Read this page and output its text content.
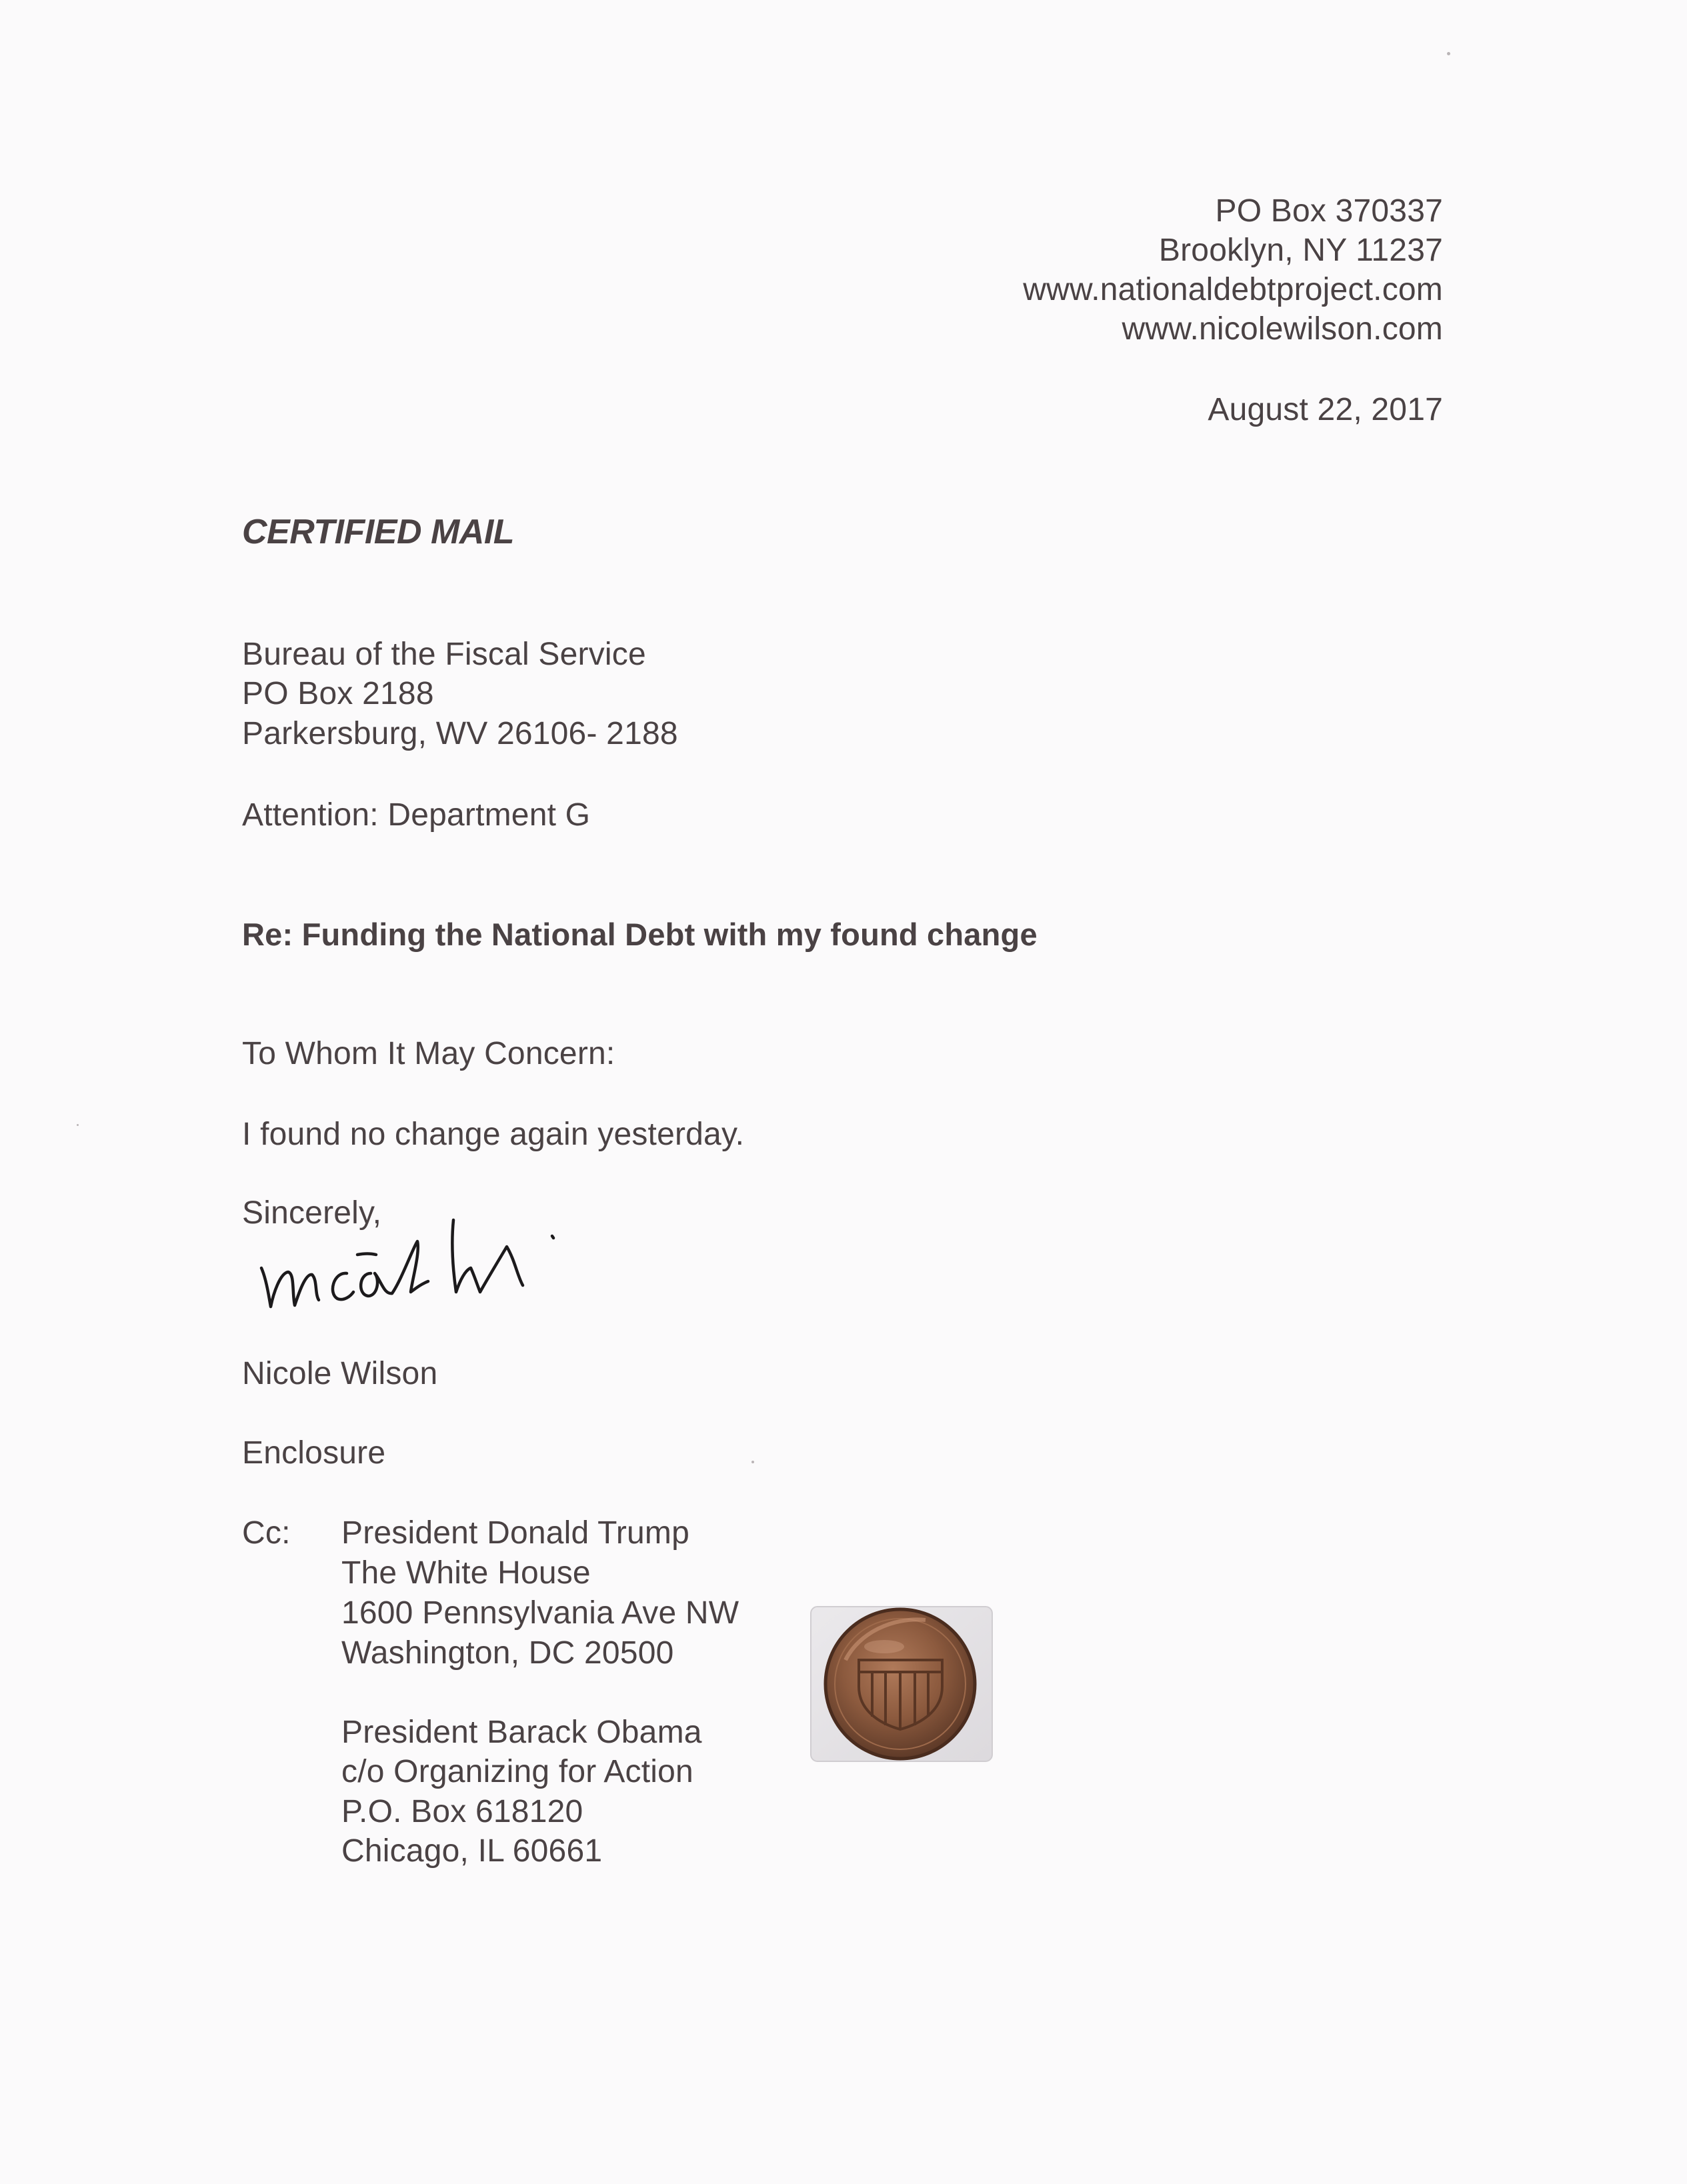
PO Box 370337
Brooklyn, NY 11237
www.nationaldebtproject.com
www.nicolewilson.com
August 22, 2017
CERTIFIED MAIL
Bureau of the Fiscal Service
PO Box 2188
Parkersburg, WV 26106- 2188
Attention: Department G
Re: Funding the National Debt with my found change
To Whom It May Concern:
I found no change again yesterday.
Sincerely,
Nicole Wilson
Enclosure
Cc: President Donald Trump
The White House
1600 Pennsylvania Ave NW
Washington, DC 20500
President Barack Obama
c/o Organizing for Action
P.O. Box 618120
Chicago, IL 60661
